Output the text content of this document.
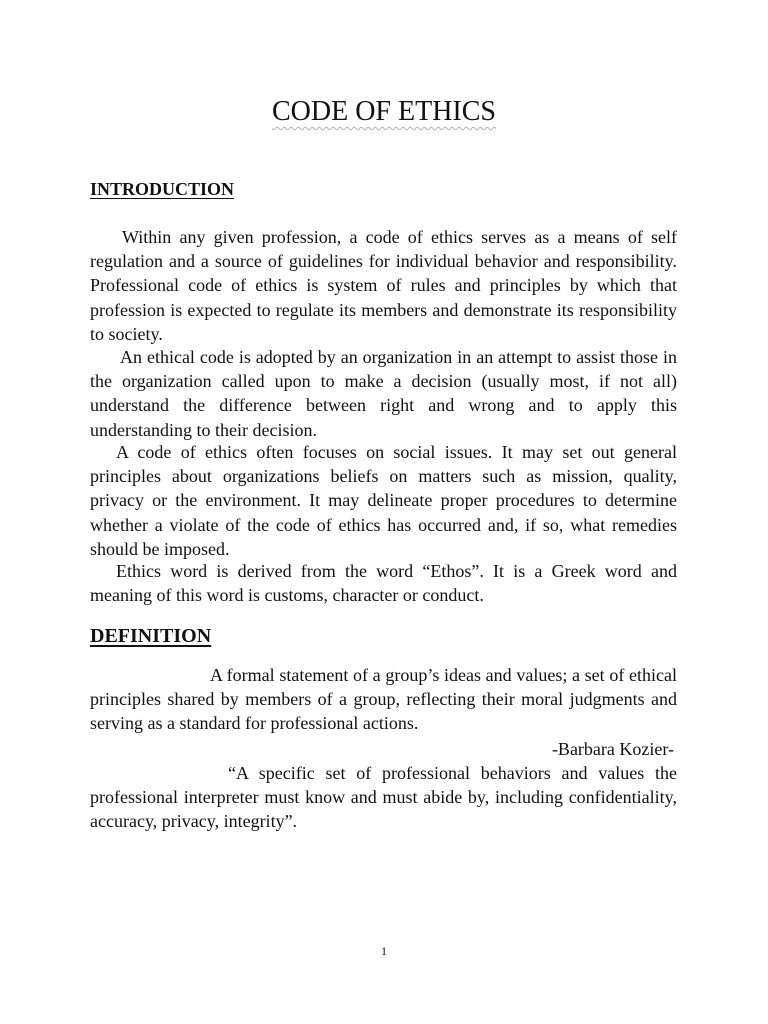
CODE OF ETHICS
INTRODUCTION

Within any given profession, a code of ethics serves as a means of self regulation and a source of guidelines for individual behavior and responsibility. Professional code of ethics is system of rules and principles by which that profession is expected to regulate its members and demonstrate its responsibility to society.

An ethical code is adopted by an organization in an attempt to assist those in the organization called upon to make a decision (usually most, if not all) understand the difference between right and wrong and to apply this understanding to their decision.

A code of ethics often focuses on social issues. It may set out general principles about organizations beliefs on matters such as mission, quality, privacy or the environment. It may delineate proper procedures to determine whether a violate of the code of ethics has occurred and, if so, what remedies should be imposed.

Ethics word is derived from the word “Ethos”. It is a Greek word and meaning of this word is customs, character or conduct.

DEFINITION

A formal statement of a group’s ideas and values; a set of ethical principles shared by members of a group, reflecting their moral judgments and serving as a standard for professional actions.

-Barbara Kozier-

“A specific set of professional behaviors and values the professional interpreter must know and must abide by, including confidentiality, accuracy, privacy, integrity”.

1
